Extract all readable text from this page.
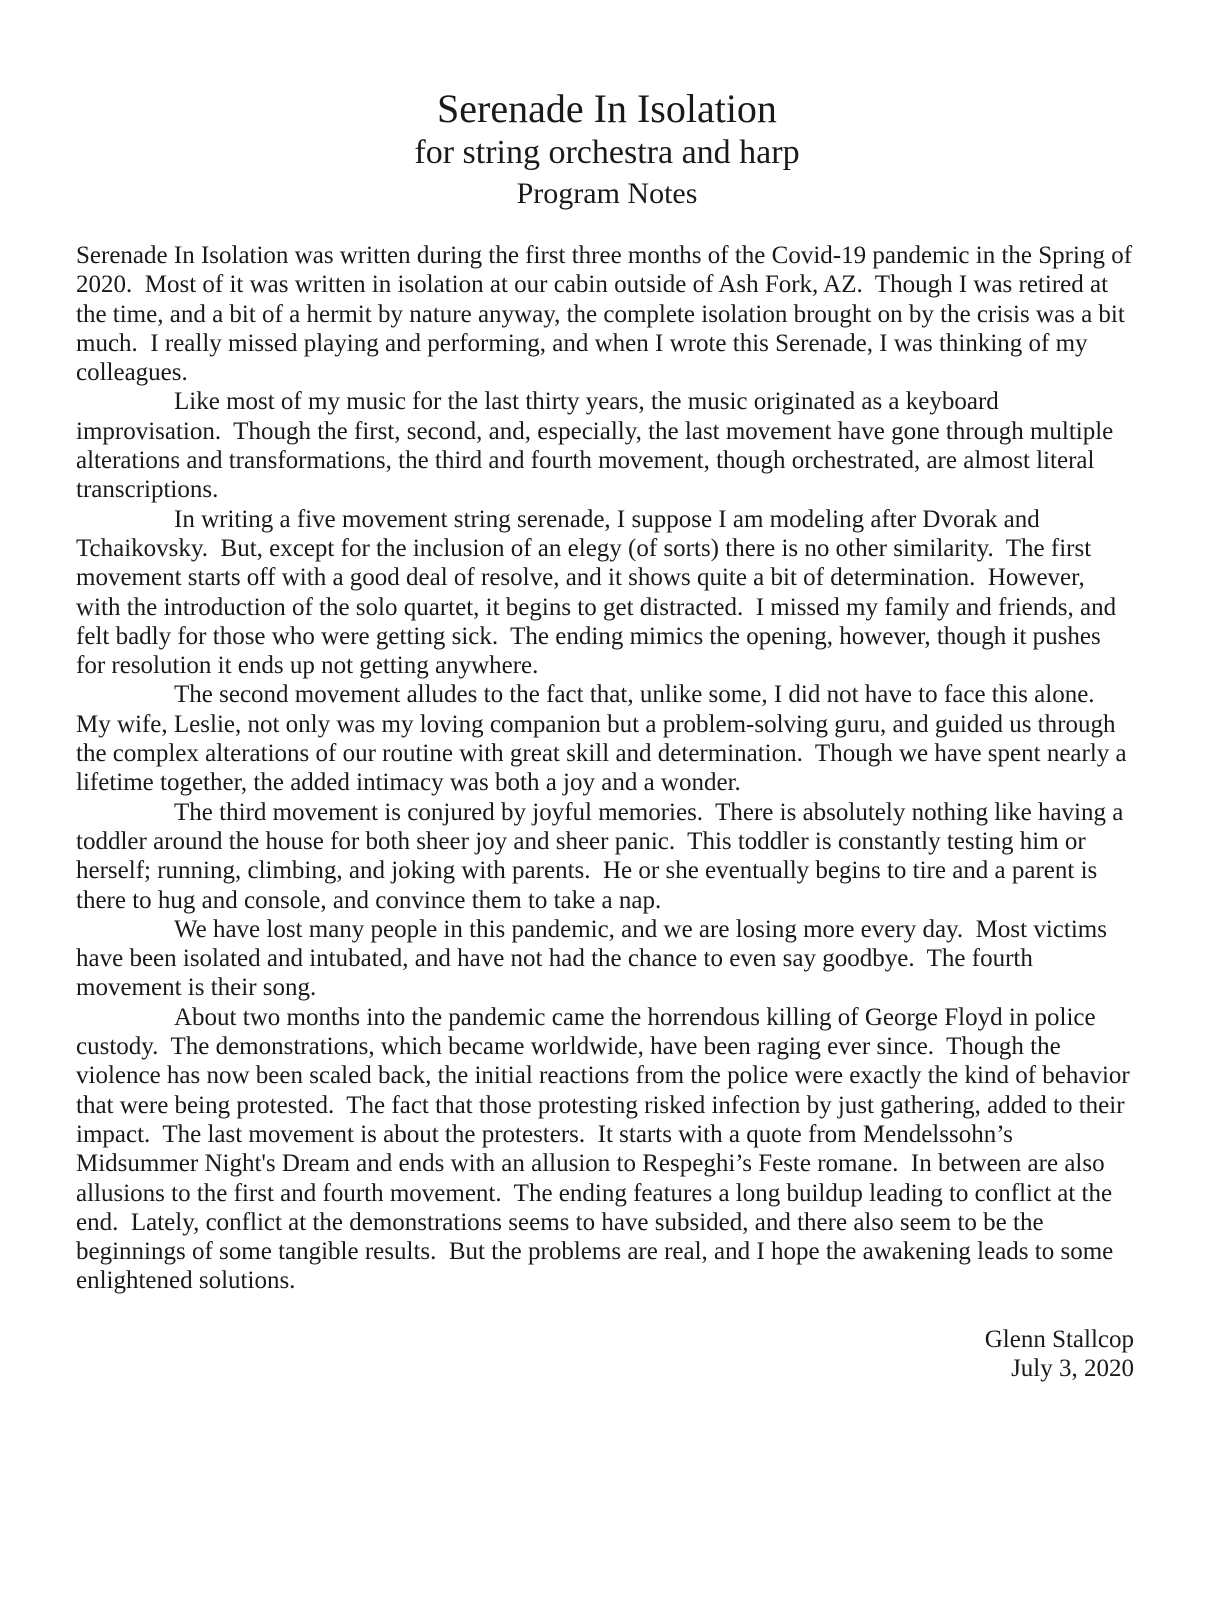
Serenade In Isolation
for string orchestra and harp
Program Notes

Serenade In Isolation was written during the first three months of the Covid-19 pandemic in the Spring of 2020.  Most of it was written in isolation at our cabin outside of Ash Fork, AZ.  Though I was retired at the time, and a bit of a hermit by nature anyway, the complete isolation brought on by the crisis was a bit much.  I really missed playing and performing, and when I wrote this Serenade, I was thinking of my colleagues.

Like most of my music for the last thirty years, the music originated as a keyboard improvisation.  Though the first, second, and, especially, the last movement have gone through multiple alterations and transformations, the third and fourth movement, though orchestrated, are almost literal transcriptions.

In writing a five movement string serenade, I suppose I am modeling after Dvorak and Tchaikovsky.  But, except for the inclusion of an elegy (of sorts) there is no other similarity.  The first movement starts off with a good deal of resolve, and it shows quite a bit of determination.  However, with the introduction of the solo quartet, it begins to get distracted.  I missed my family and friends, and felt badly for those who were getting sick.  The ending mimics the opening, however, though it pushes for resolution it ends up not getting anywhere.

The second movement alludes to the fact that, unlike some, I did not have to face this alone.  My wife, Leslie, not only was my loving companion but a problem-solving guru, and guided us through the complex alterations of our routine with great skill and determination.  Though we have spent nearly a lifetime together, the added intimacy was both a joy and a wonder.

The third movement is conjured by joyful memories.  There is absolutely nothing like having a toddler around the house for both sheer joy and sheer panic.  This toddler is constantly testing him or herself; running, climbing, and joking with parents.  He or she eventually begins to tire and a parent is there to hug and console, and convince them to take a nap.

We have lost many people in this pandemic, and we are losing more every day.  Most victims have been isolated and intubated, and have not had the chance to even say goodbye.  The fourth movement is their song.

About two months into the pandemic came the horrendous killing of George Floyd in police custody.  The demonstrations, which became worldwide, have been raging ever since.  Though the violence has now been scaled back, the initial reactions from the police were exactly the kind of behavior that were being protested.  The fact that those protesting risked infection by just gathering, added to their impact.  The last movement is about the protesters.  It starts with a quote from Mendelssohn’s Midsummer Night's Dream and ends with an allusion to Respeghi’s Feste romane.  In between are also allusions to the first and fourth movement.  The ending features a long buildup leading to conflict at the end.  Lately, conflict at the demonstrations seems to have subsided, and there also seem to be the beginnings of some tangible results.  But the problems are real, and I hope the awakening leads to some enlightened solutions.

Glenn Stallcop
July 3, 2020
